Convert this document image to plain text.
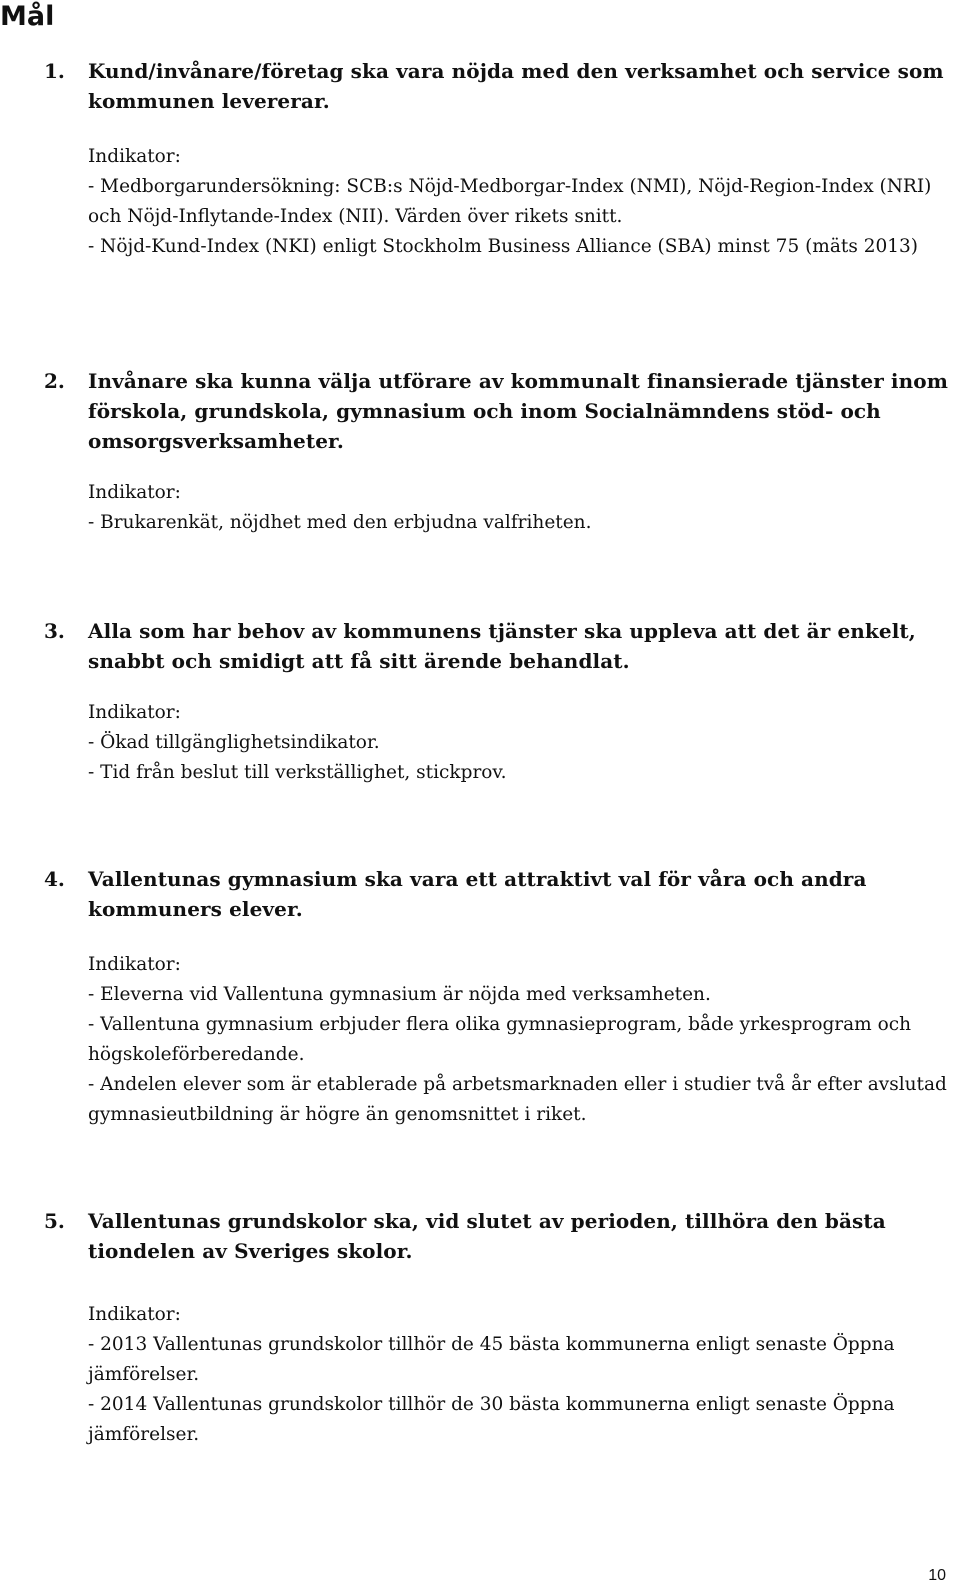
Mål
1. Kund/invånare/företag ska vara nöjda med den verksamhet och service som kommunen levererar.
Indikator:
- Medborgarundersökning: SCB:s Nöjd-Medborgar-Index (NMI), Nöjd-Region-Index (NRI) och Nöjd-Inflytande-Index (NII). Värden över rikets snitt.
- Nöjd-Kund-Index (NKI) enligt Stockholm Business Alliance (SBA) minst 75 (mäts 2013)
2. Invånare ska kunna välja utförare av kommunalt finansierade tjänster inom förskola, grundskola, gymnasium och inom Socialnämndens stöd- och omsorgsverksamheter.
Indikator:
- Brukarenkät, nöjdhet med den erbjudna valfriheten.
3. Alla som har behov av kommunens tjänster ska uppleva att det är enkelt, snabbt och smidigt att få sitt ärende behandlat.
Indikator:
- Ökad tillgänglighetsindikator.
- Tid från beslut till verkställighet, stickprov.
4. Vallentunas gymnasium ska vara ett attraktivt val för våra och andra kommuners elever.
Indikator:
- Eleverna vid Vallentuna gymnasium är nöjda med verksamheten.
- Vallentuna gymnasium erbjuder flera olika gymnasieprogram, både yrkesprogram och högskoleförberedande.
- Andelen elever som är etablerade på arbetsmarknaden eller i studier två år efter avslutad gymnasieutbildning är högre än genomsnittet i riket.
5. Vallentunas grundskolor ska, vid slutet av perioden, tillhöra den bästa tiondelen av Sveriges skolor.
Indikator:
- 2013 Vallentunas grundskolor tillhör de 45 bästa kommunerna enligt senaste Öppna jämförelser.
- 2014 Vallentunas grundskolor tillhör de 30 bästa kommunerna enligt senaste Öppna jämförelser.
10
